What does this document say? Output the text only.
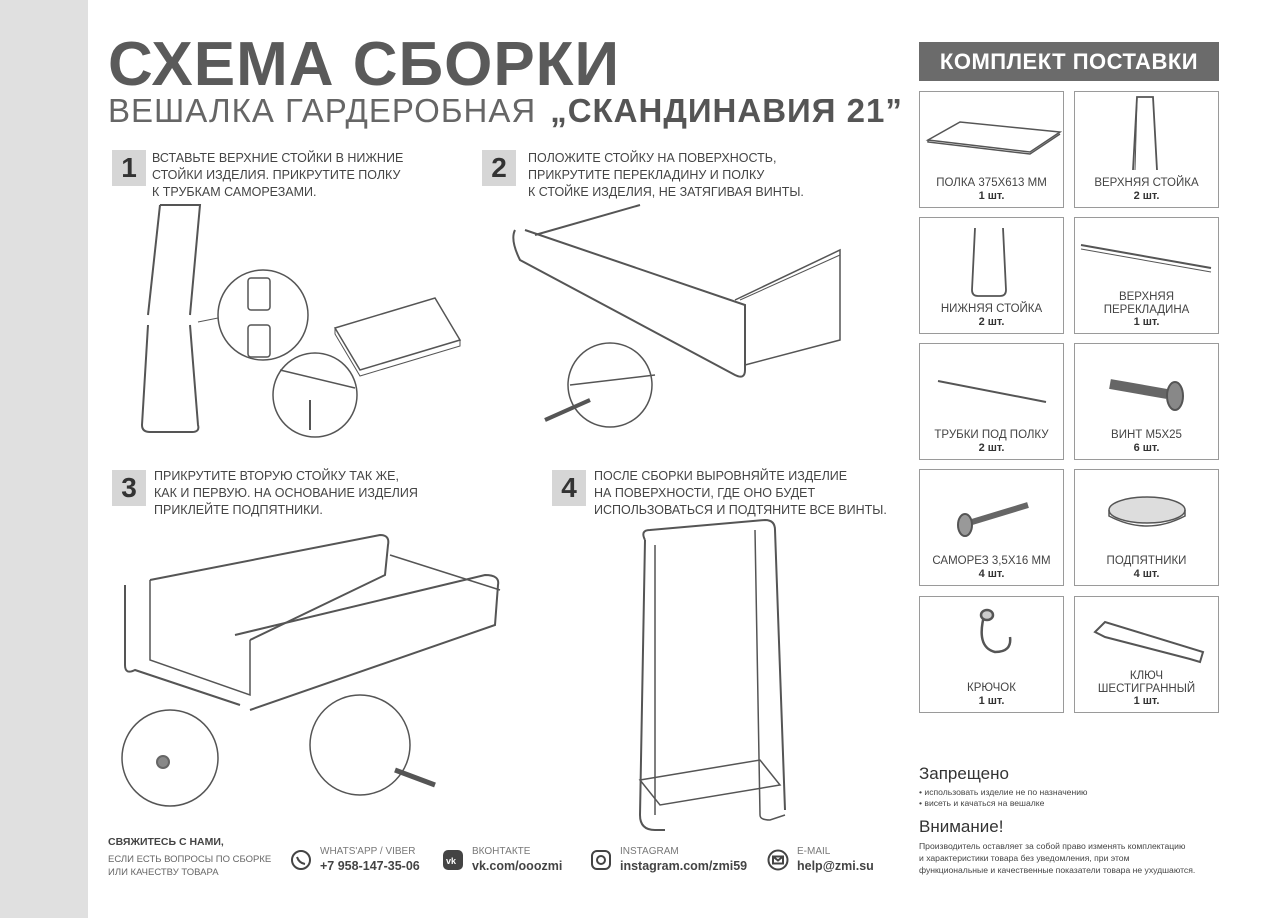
СХЕМА СБОРКИ
ВЕШАЛКА ГАРДЕРОБНАЯ „СКАНДИНАВИЯ 21”
1	ВСТАВЬТЕ ВЕРХНИЕ СТОЙКИ В НИЖНИЕ
СТОЙКИ ИЗДЕЛИЯ. ПРИКРУТИТЕ ПОЛКУ
К ТРУБКАМ САМОРЕЗАМИ.
2	ПОЛОЖИТЕ СТОЙКУ НА ПОВЕРХНОСТЬ,
ПРИКРУТИТЕ ПЕРЕКЛАДИНУ И ПОЛКУ
К СТОЙКЕ ИЗДЕЛИЯ, НЕ ЗАТЯГИВАЯ ВИНТЫ.
3	ПРИКРУТИТЕ ВТОРУЮ СТОЙКУ ТАК ЖЕ,
КАК И ПЕРВУЮ. НА ОСНОВАНИЕ ИЗДЕЛИЯ
ПРИКЛЕЙТЕ ПОДПЯТНИКИ.
4	ПОСЛЕ СБОРКИ ВЫРОВНЯЙТЕ ИЗДЕЛИЕ
НА ПОВЕРХНОСТИ, ГДЕ ОНО БУДЕТ
ИСПОЛЬЗОВАТЬСЯ И ПОДТЯНИТЕ ВСЕ ВИНТЫ.
КОМПЛЕКТ ПОСТАВКИ
ПОЛКА 375Х613 ММ
1 шт.
ВЕРХНЯЯ СТОЙКА
2 шт.
НИЖНЯЯ СТОЙКА
2 шт.
ВЕРХНЯЯ
ПЕРЕКЛАДИНА
1 шт.
ТРУБКИ ПОД ПОЛКУ
2 шт.
ВИНТ М5Х25
6 шт.
САМОРЕЗ 3,5Х16 ММ
4 шт.
ПОДПЯТНИКИ
4 шт.
КРЮЧОК
1 шт.
КЛЮЧ
ШЕСТИГРАННЫЙ
1 шт.
Запрещено
• использовать изделие не по назначению
• висеть и качаться на вешалке
Внимание!
Производитель оставляет за собой право изменять комплектацию
и характеристики товара без уведомления, при этом
функциональные и качественные показатели товара не ухудшаются.
СВЯЖИТЕСЬ С НАМИ,
ЕСЛИ ЕСТЬ ВОПРОСЫ ПО СБОРКЕ
ИЛИ КАЧЕСТВУ ТОВАРА
WHATS'APP / VIBER
+7 958-147-35-06	vk
ВКОНТАКТЕ
vk.com/ooozmi
INSTAGRAM
instagram.com/zmi59
E-MAIL
help@zmi.su
